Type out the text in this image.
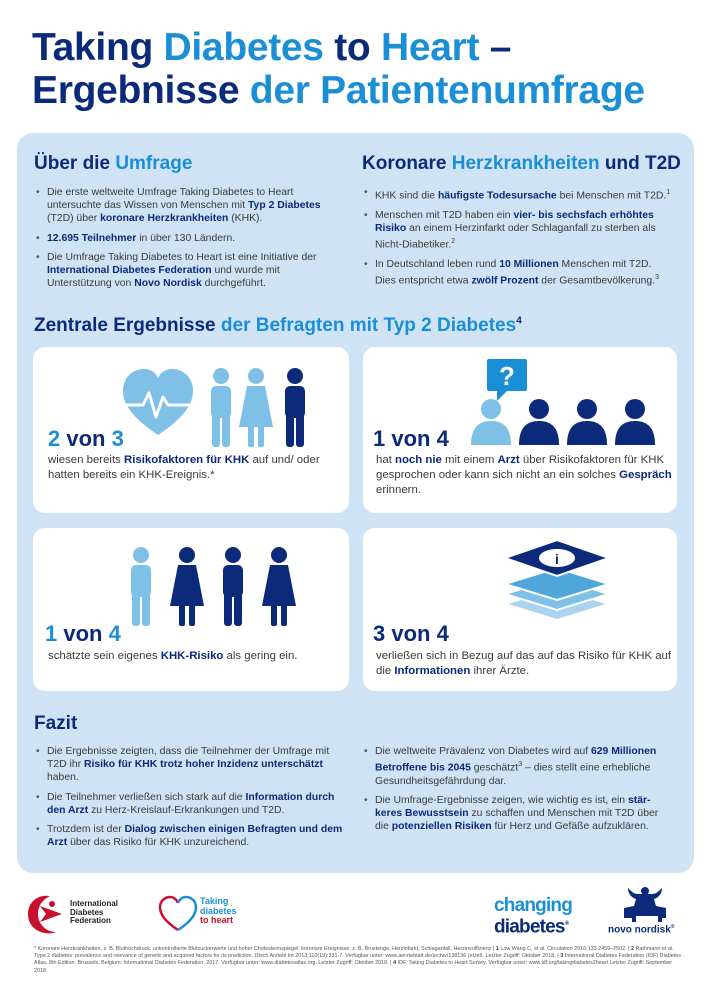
Taking Diabetes to Heart –
Ergebnisse der Patientenumfrage
Über die Umfrage
• Die erste weltweite Umfrage Taking Diabetes to Heart untersuchte das Wissen von Menschen mit Typ 2 Diabetes (T2D) über koronare Herzkrankheiten (KHK).
• 12.695 Teilnehmer in über 130 Ländern.
• Die Umfrage Taking Diabetes to Heart ist eine Initiative der International Diabetes Federation und wurde mit Unterstützung von Novo Nordisk durchgeführt.
Koronare Herzkrankheiten und T2D
• KHK sind die häufigste Todesursache bei Menschen mit T2D.$^1$
• Menschen mit T2D haben ein vier- bis sechsfach erhöhtes Risiko an einem Herzinfarkt oder Schlaganfall zu sterben als Nicht-Diabetiker.$^2$
• In Deutschland leben rund 10 Millionen Menschen mit T2D. Dies entspricht etwa zwölf Prozent der Gesamtbevölkerung.$^3$
Zentrale Ergebnisse der Befragten mit Typ 2 Diabetes$^4$
2 von 3
wiesen bereits Risikofaktoren für KHK auf und/ oder hatten bereits ein KHK-Ereignis.*
?
1 von 4
hat noch nie mit einem Arzt über Risikofaktoren für KHK gesprochen oder kann sich nicht an ein solches Gespräch erinnern.
1 von 4
schätzte sein eigenes KHK-Risiko als gering ein.
i
3 von 4
verließen sich in Bezug auf das auf das Risiko für KHK auf die Informationen ihrer Ärzte.
Fazit
• Die Ergebnisse zeigten, dass die Teilnehmer der Umfrage mit T2D ihr Risiko für KHK trotz hoher Inzidenz unterschätzt haben.
• Die Teilnehmer verließen sich stark auf die Information durch den Arzt zu Herz-Kreislauf-Erkrankungen und T2D.
• Trotzdem ist der Dialog zwischen einigen Befragten und dem Arzt über das Risiko für KHK unzureichend.
• Die weltweite Prävalenz von Diabetes wird auf 629 Millionen Betroffene bis 2045 geschätzt$^3$ – dies stellt eine erhebliche Gesundheitsgefährdung dar.
• Die Umfrage-Ergebnisse zeigen, wie wichtig es ist, ein stärkeres Bewusstsein zu schaffen und Menschen mit T2D über die potenziellen Risiken für Herz und Gefäße aufzuklären.
International
Diabetes
Federation
Taking
diabetes
to heart
changing
diabetes®
novo nordisk®
* Koronare Herzkrankheiten, z. B. Bluthochdruck, unkontrollierte Blutzuckerwerte und hoher Cholesterinspiegel; koronare Ereignisse, z. B. Brustenge, Herzinfarkt, Schlaganfall, Herzinsuffizienz | 1 Low Wang C, et al. Circulation 2016;133:2459–2502. | 2 Rathmann et al. Type 2 diabetes: prevalence and relevance of genetic and acquired factors for its prediction. Dtsch Arztebl Int 2013;110(19):331-7. Verfügbar unter: www.aerzteblatt.de/archiv/138136 (eUe6. Letzter Zugriff: Oktober 2018. | 3 International Diabetes Federation (IDF) Diabetes Atlas, 8th Edition. Brussels, Belgium: International Diabetes Federation, 2017. Verfügbar unter: www.diabetesatlas.org. Letzter Zugriff: Oktober 2018. | 4 IDF. Taking Diabetes to Heart Survey. Verfügbar unter: www.idf.org/takingdiabetes2heart Letzter Zugriff: September 2018.
